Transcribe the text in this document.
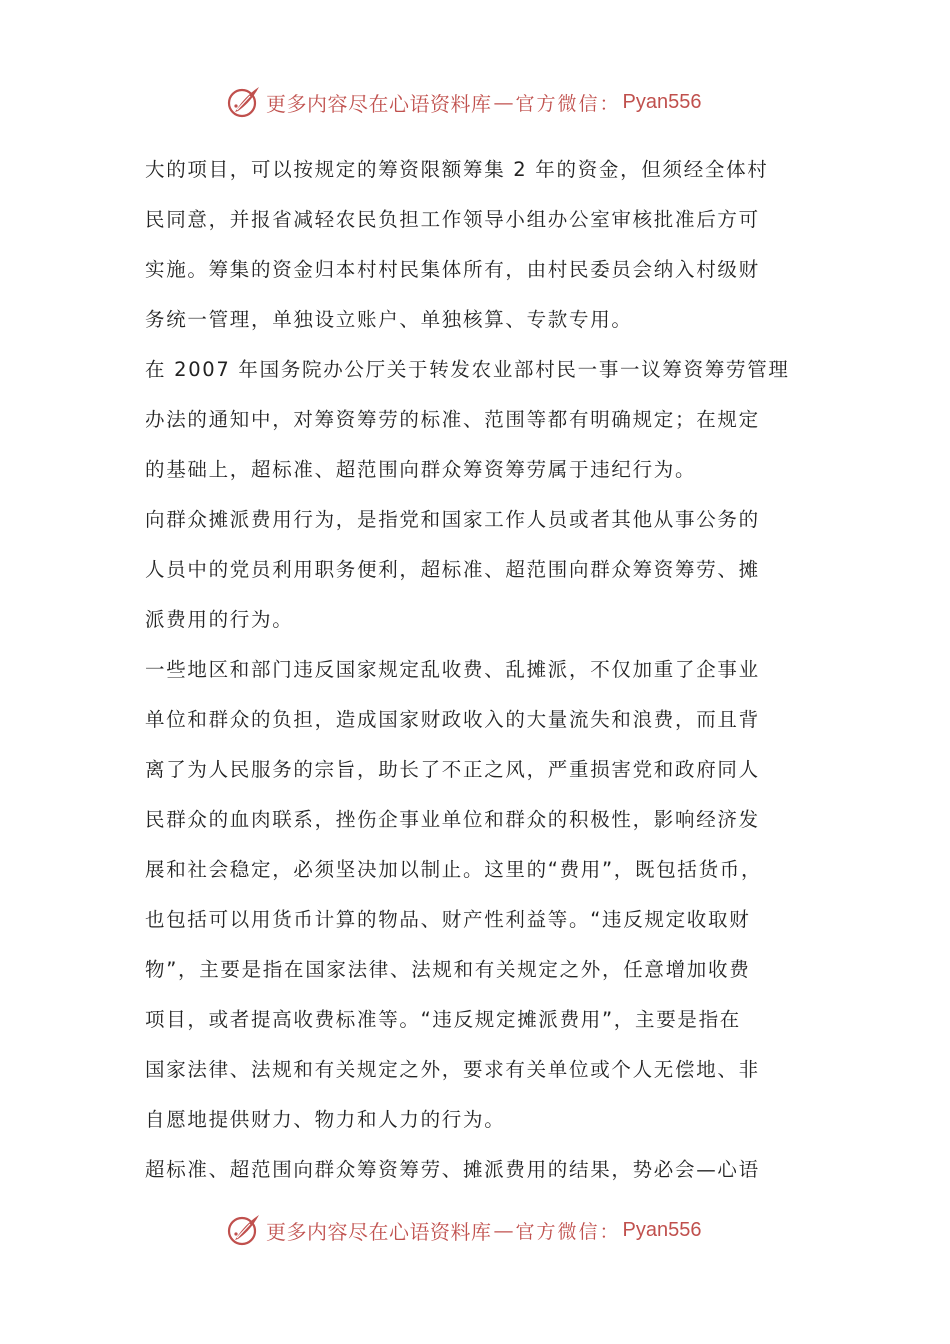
更多内容尽在心语资料库 — 官方微信： Pyan556
大的项目，可以按规定的筹资限额筹集 2 年的资金，但须经全体村
民同意，并报省减轻农民负担工作领导小组办公室审核批准后方可
实施。筹集的资金归本村村民集体所有，由村民委员会纳入村级财
务统一管理，单独设立账户、单独核算、专款专用。
在 2007 年国务院办公厅关于转发农业部村民一事一议筹资筹劳管理
办法的通知中，对筹资筹劳的标准、范围等都有明确规定；在规定
的基础上，超标准、超范围向群众筹资筹劳属于违纪行为。
向群众摊派费用行为，是指党和国家工作人员或者其他从事公务的
人员中的党员利用职务便利，超标准、超范围向群众筹资筹劳、摊
派费用的行为。
一些地区和部门违反国家规定乱收费、乱摊派，不仅加重了企事业
单位和群众的负担，造成国家财政收入的大量流失和浪费，而且背
离了为人民服务的宗旨，助长了不正之风，严重损害党和政府同人
民群众的血肉联系，挫伤企事业单位和群众的积极性，影响经济发
展和社会稳定，必须坚决加以制止。这里的“费用”，既包括货币，
也包括可以用货币计算的物品、财产性利益等。“违反规定收取财
物”，主要是指在国家法律、法规和有关规定之外，任意增加收费
项目，或者提高收费标准等。“违反规定摊派费用”，主要是指在
国家法律、法规和有关规定之外，要求有关单位或个人无偿地、非
自愿地提供财力、物力和人力的行为。
超标准、超范围向群众筹资筹劳、摊派费用的结果，势必会—心语
更多内容尽在心语资料库 — 官方微信： Pyan556
